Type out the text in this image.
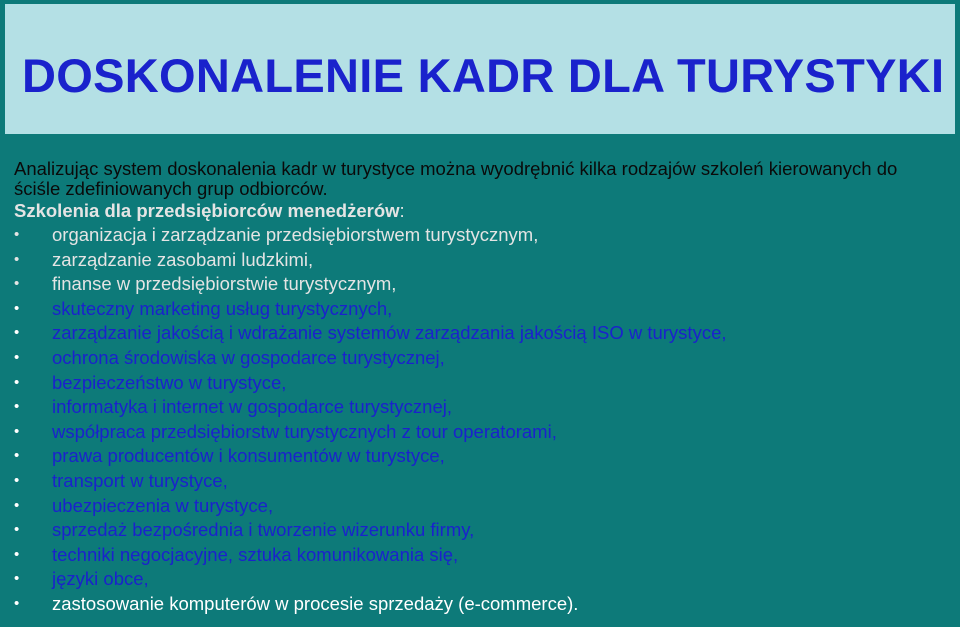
DOSKONALENIE KADR DLA TURYSTYKI

Analizując system doskonalenia kadr w turystyce można wyodrębnić kilka rodzajów szkoleń kierowanych do ściśle zdefiniowanych grup odbiorców.

Szkolenia dla przedsiębiorców menedżerów:

•	organizacja i zarządzanie przedsiębiorstwem turystycznym,
•	zarządzanie zasobami ludzkimi,
•	finanse w przedsiębiorstwie turystycznym,
•	skuteczny marketing usług turystycznych,
•	zarządzanie jakością i wdrażanie systemów zarządzania jakością ISO w turystyce,
•	ochrona środowiska w gospodarce turystycznej,
•	bezpieczeństwo w turystyce,
•	informatyka i internet w gospodarce turystycznej,
•	współpraca przedsiębiorstw turystycznych z tour operatorami,
•	prawa producentów i konsumentów w turystyce,
•	transport w turystyce,
•	ubezpieczenia w turystyce,
•	sprzedaż bezpośrednia i tworzenie wizerunku firmy,
•	techniki negocjacyjne, sztuka komunikowania się,
•	języki obce,
•	zastosowanie komputerów w procesie sprzedaży (e-commerce).
